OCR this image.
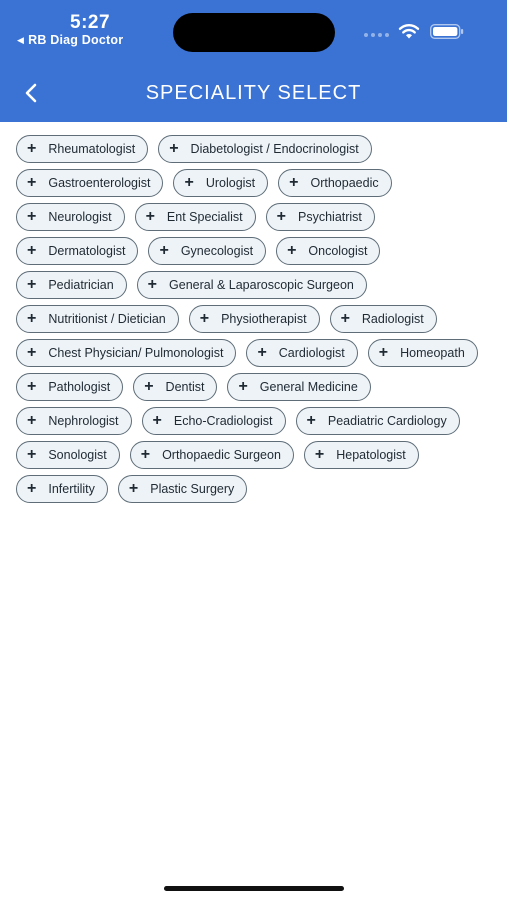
5:27
◀ RB Diag Doctor
SPECIALITY SELECT
+ Rheumatologist + Diabetologist / Endocrinologist
+ Gastroenterologist + Urologist + Orthopaedic
+ Neurologist + Ent Specialist + Psychiatrist
+ Dermatologist + Gynecologist + Oncologist
+ Pediatrician + General & Laparoscopic Surgeon
+ Nutritionist / Dietician + Physiotherapist + Radiologist
+ Chest Physician/ Pulmonologist + Cardiologist + Homeopath
+ Pathologist + Dentist + General Medicine
+ Nephrologist + Echo-Cradiologist + Peadiatric Cardiology
+ Sonologist + Orthopaedic Surgeon + Hepatologist
+ Infertility + Plastic Surgery
